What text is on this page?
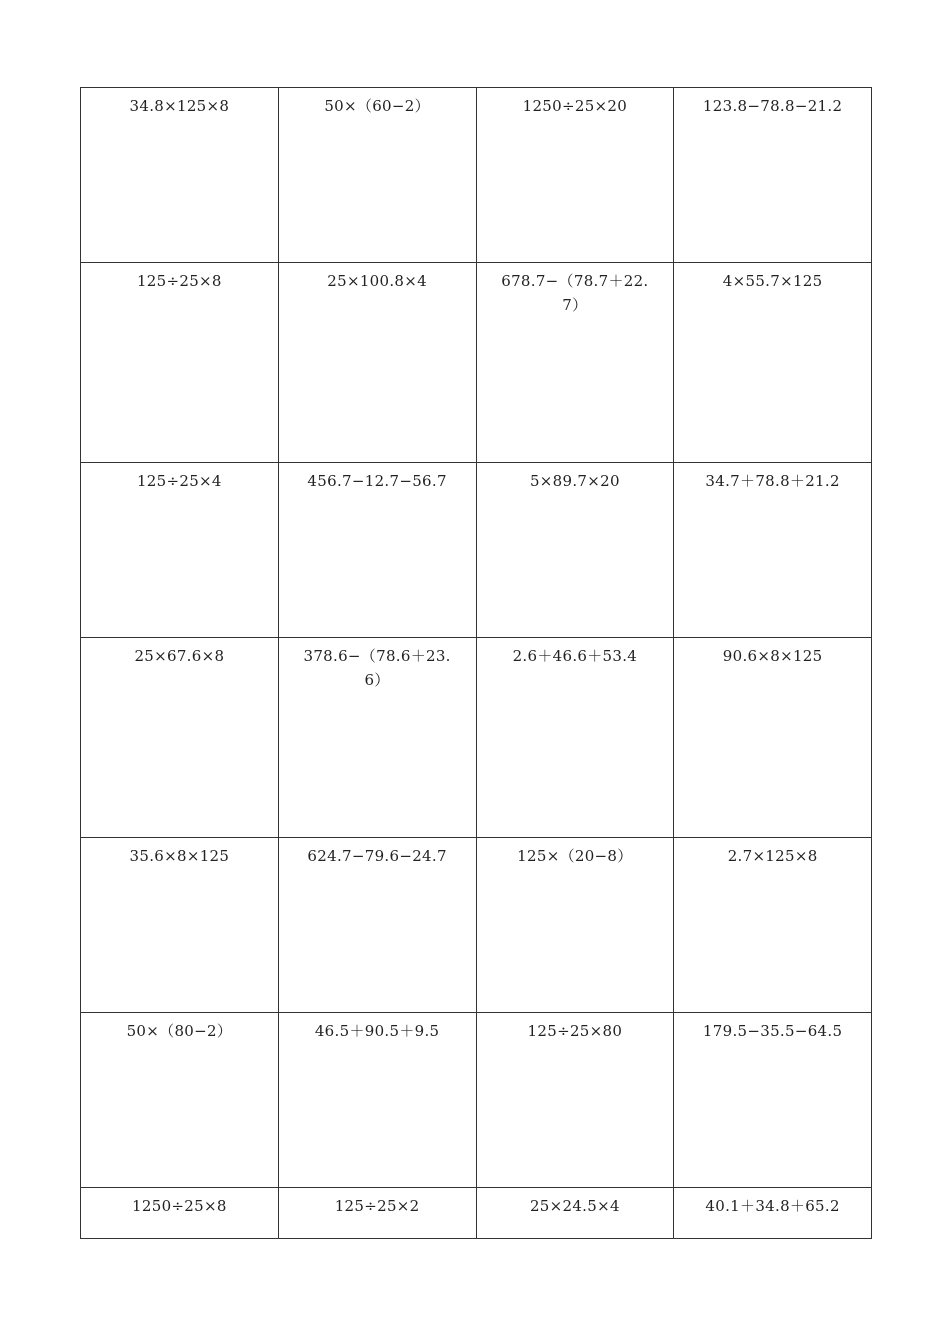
34.8×125×8	50×（60−2）	1250÷25×20	123.8−78.8−21.2
125÷25×8	25×100.8×4	678.7−（78.7＋22.7）	4×55.7×125
125÷25×4	456.7−12.7−56.7	5×89.7×20	34.7＋78.8＋21.2
25×67.6×8	378.6−（78.6＋23.6）	2.6＋46.6＋53.4	90.6×8×125
35.6×8×125	624.7−79.6−24.7	125×（20−8）	2.7×125×8
50×（80−2）	46.5＋90.5＋9.5	125÷25×80	179.5−35.5−64.5
1250÷25×8	125÷25×2	25×24.5×4	40.1＋34.8＋65.2
